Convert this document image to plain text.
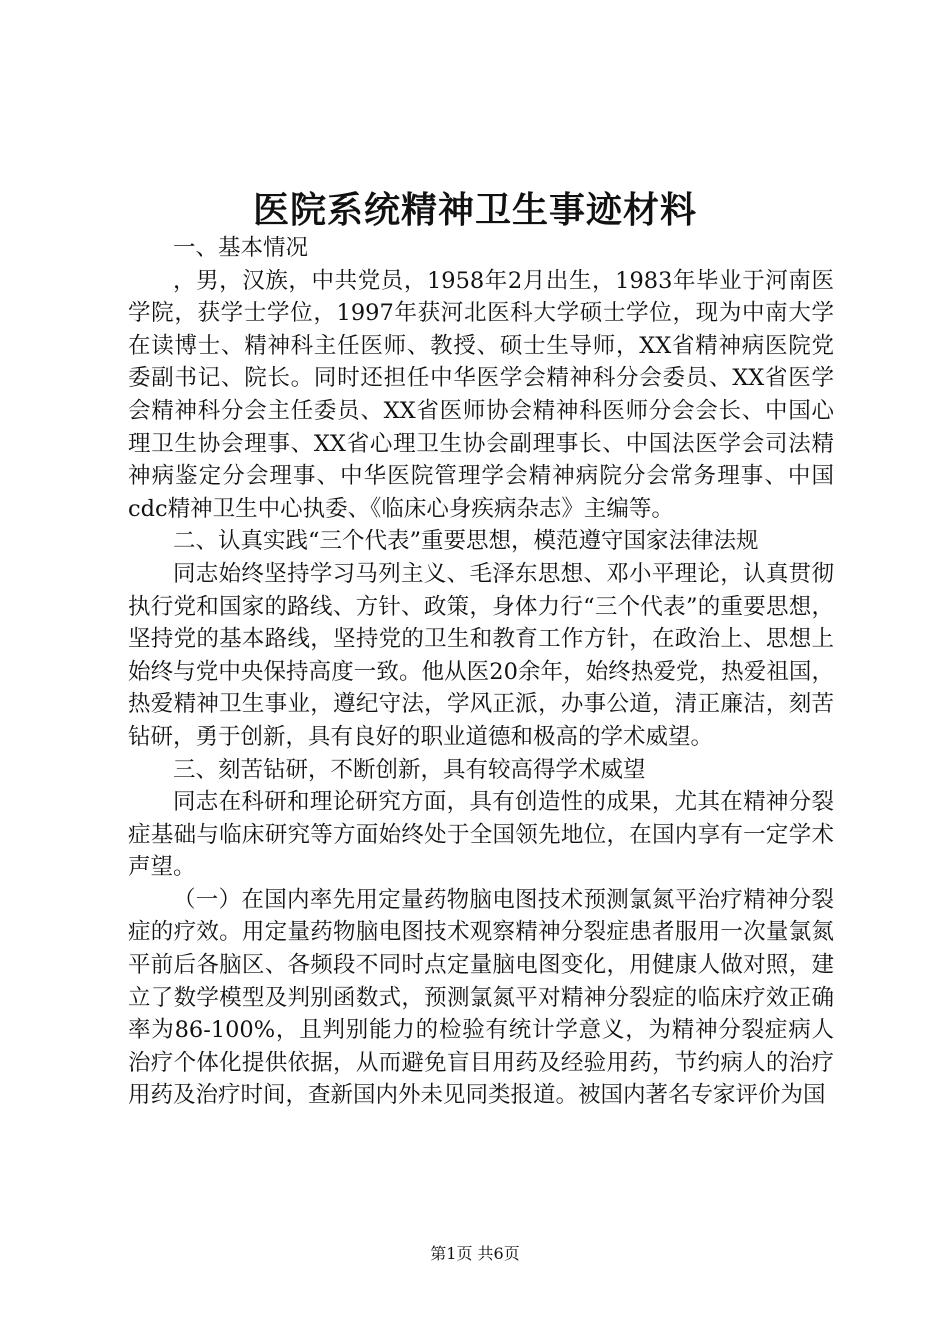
医院系统精神卫生事迹材料

一、基本情况

，男，汉族，中共党员，1958年2月出生，1983年毕业于河南医学院，获学士学位，1997年获河北医科大学硕士学位，现为中南大学在读博士、精神科主任医师、教授、硕士生导师，XX省精神病医院党委副书记、院长。同时还担任中华医学会精神科分会委员、XX省医学会精神科分会主任委员、XX省医师协会精神科医师分会会长、中国心理卫生协会理事、XX省心理卫生协会副理事长、中国法医学会司法精神病鉴定分会理事、中华医院管理学会精神病院分会常务理事、中国cdc精神卫生中心执委、《临床心身疾病杂志》主编等。

二、认真实践“三个代表”重要思想，模范遵守国家法律法规

同志始终坚持学习马列主义、毛泽东思想、邓小平理论，认真贯彻执行党和国家的路线、方针、政策，身体力行“三个代表”的重要思想，坚持党的基本路线，坚持党的卫生和教育工作方针，在政治上、思想上始终与党中央保持高度一致。他从医20余年，始终热爱党，热爱祖国，热爱精神卫生事业，遵纪守法，学风正派，办事公道，清正廉洁，刻苦钻研，勇于创新，具有良好的职业道德和极高的学术威望。

三、刻苦钻研，不断创新，具有较高得学术威望

同志在科研和理论研究方面，具有创造性的成果，尤其在精神分裂症基础与临床研究等方面始终处于全国领先地位，在国内享有一定学术声望。

（一）在国内率先用定量药物脑电图技术预测氯氮平治疗精神分裂症的疗效。用定量药物脑电图技术观察精神分裂症患者服用一次量氯氮平前后各脑区、各频段不同时点定量脑电图变化，用健康人做对照，建立了数学模型及判别函数式，预测氯氮平对精神分裂症的临床疗效正确率为86-100%，且判别能力的检验有统计学意义，为精神分裂症病人治疗个体化提供依据，从而避免盲目用药及经验用药，节约病人的治疗用药及治疗时间，查新国内外未见同类报道。被国内著名专家评价为国

第1页 共6页
